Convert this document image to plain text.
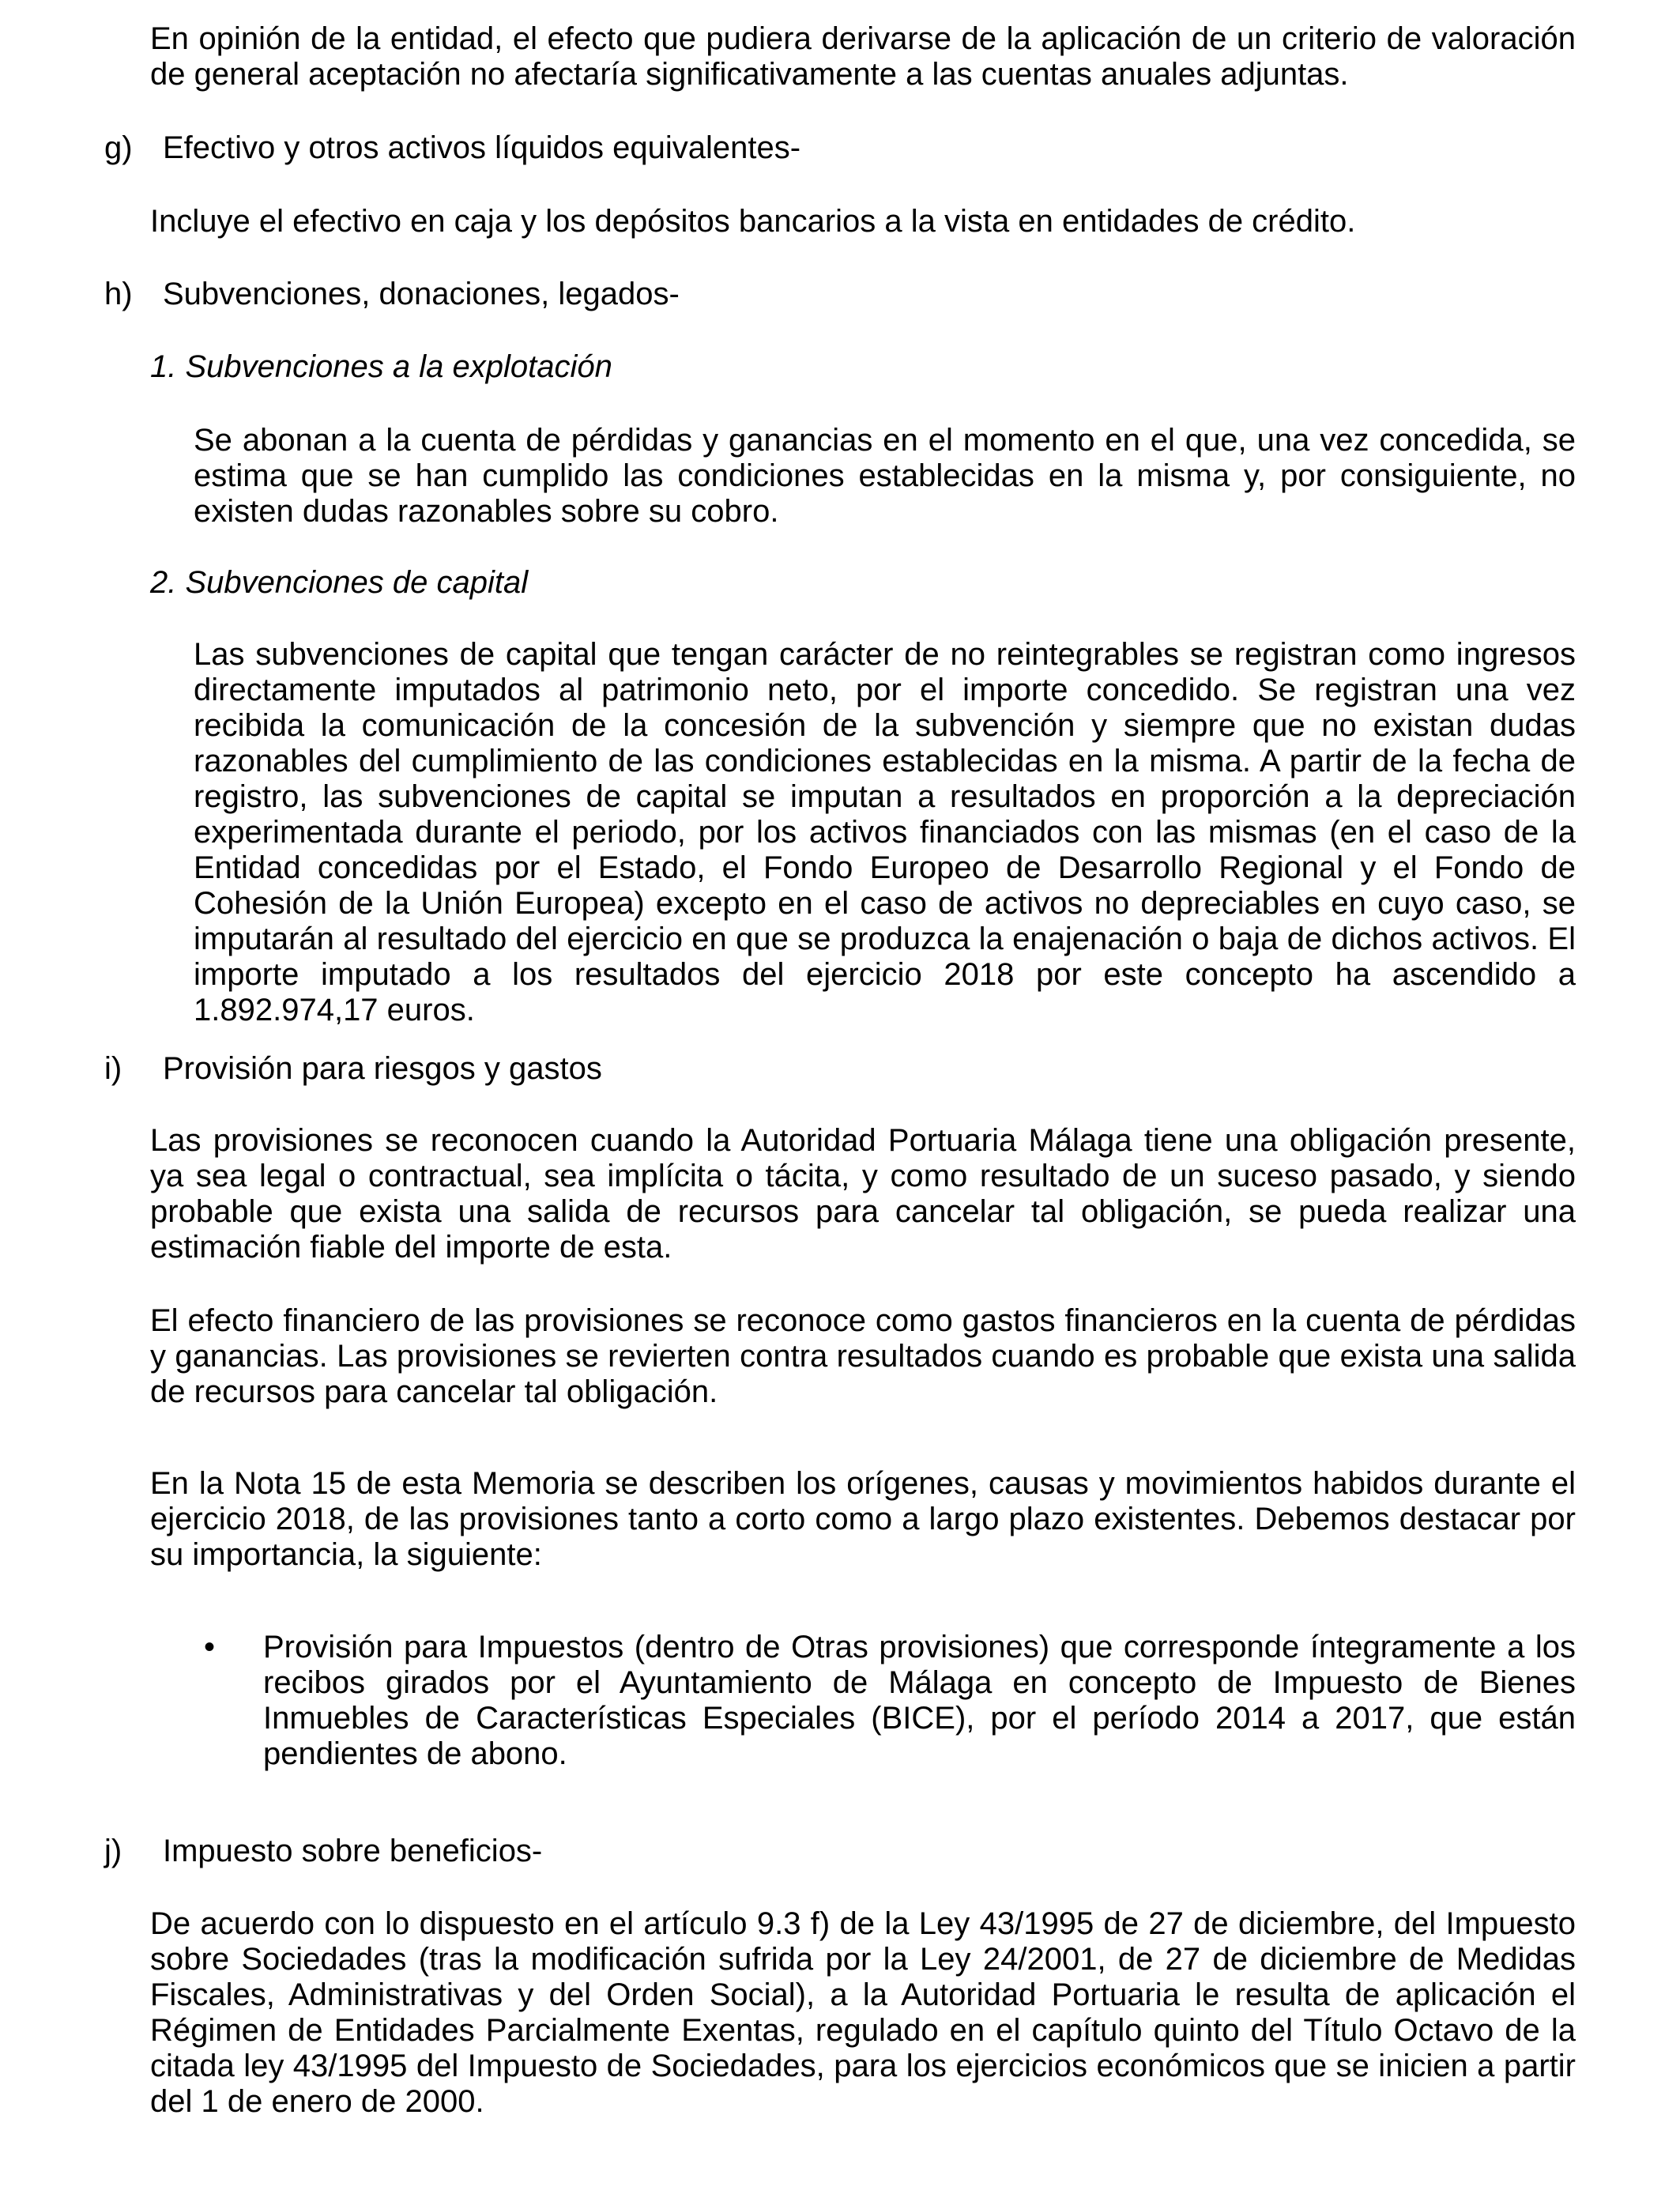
En opinión de la entidad, el efecto que pudiera derivarse de la aplicación de un criterio de valoración de general aceptación no afectaría significativamente a las cuentas anuales adjuntas.

g) Efectivo y otros activos líquidos equivalentes-

Incluye el efectivo en caja y los depósitos bancarios a la vista en entidades de crédito.

h) Subvenciones, donaciones, legados-
1. Subvenciones a la explotación

Se abonan a la cuenta de pérdidas y ganancias en el momento en el que, una vez concedida, se estima que se han cumplido las condiciones establecidas en la misma y, por consiguiente, no existen dudas razonables sobre su cobro.

2. Subvenciones de capital

Las subvenciones de capital que tengan carácter de no reintegrables se registran como ingresos directamente imputados al patrimonio neto, por el importe concedido. Se registran una vez recibida la comunicación de la concesión de la subvención y siempre que no existan dudas razonables del cumplimiento de las condiciones establecidas en la misma. A partir de la fecha de registro, las subvenciones de capital se imputan a resultados en proporción a la depreciación experimentada durante el periodo, por los activos financiados con las mismas (en el caso de la Entidad concedidas por el Estado, el Fondo Europeo de Desarrollo Regional y el Fondo de Cohesión de la Unión Europea) excepto en el caso de activos no depreciables en cuyo caso, se imputarán al resultado del ejercicio en que se produzca la enajenación o baja de dichos activos. El importe imputado a los resultados del ejercicio 2018 por este concepto ha ascendido a 1.892.974,17 euros.

i)	Provisión para riesgos y gastos

Las provisiones se reconocen cuando la Autoridad Portuaria Málaga tiene una obligación presente, ya sea legal o contractual, sea implícita o tácita, y como resultado de un suceso pasado, y siendo probable que exista una salida de recursos para cancelar tal obligación, se pueda realizar una estimación fiable del importe de esta.

El efecto financiero de las provisiones se reconoce como gastos financieros en la cuenta de pérdidas y ganancias. Las provisiones se revierten contra resultados cuando es probable que exista una salida de recursos para cancelar tal obligación.

En la Nota 15 de esta Memoria se describen los orígenes, causas y movimientos habidos durante el ejercicio 2018, de las provisiones tanto a corto como a largo plazo existentes. Debemos destacar por su importancia, la siguiente:

•	Provisión para Impuestos (dentro de Otras provisiones) que corresponde íntegramente a los recibos girados por el Ayuntamiento de Málaga en concepto de Impuesto de Bienes Inmuebles de Características Especiales (BICE), por el período 2014 a 2017, que están pendientes de abono.
j)	Impuesto sobre beneficios-

De acuerdo con lo dispuesto en el artículo 9.3 f) de la Ley 43/1995 de 27 de diciembre, del Impuesto sobre Sociedades (tras la modificación sufrida por la Ley 24/2001, de 27 de diciembre de Medidas Fiscales, Administrativas y del Orden Social), a la Autoridad Portuaria le resulta de aplicación el Régimen de Entidades Parcialmente Exentas, regulado en el capítulo quinto del Título Octavo de la citada ley 43/1995 del Impuesto de Sociedades, para los ejercicios económicos que se inicien a partir del 1 de enero de 2000.
